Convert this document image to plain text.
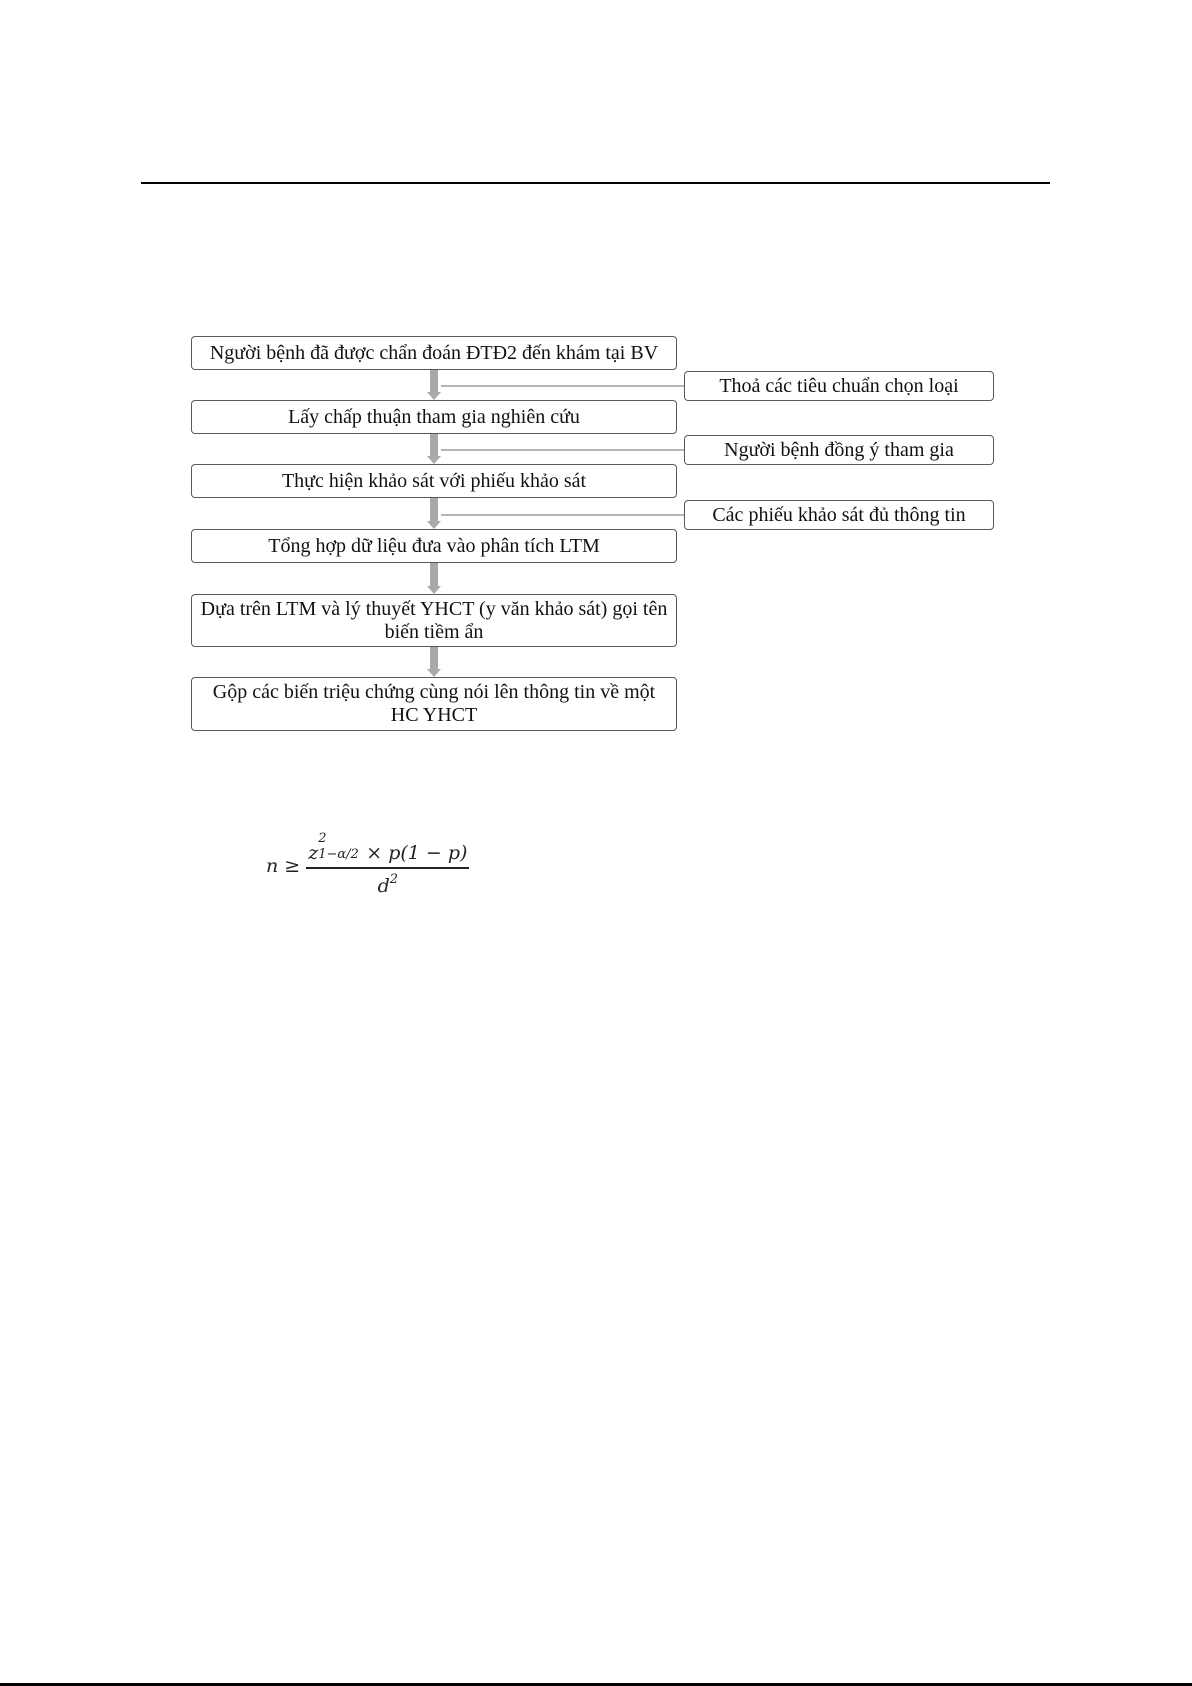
Người bệnh đã được chẩn đoán ĐTĐ2 đến khám tại BV
Lấy chấp thuận tham gia nghiên cứu
Thực hiện khảo sát với phiếu khảo sát
Tổng hợp dữ liệu đưa vào phân tích LTM
Dựa trên LTM và lý thuyết YHCT (y văn khảo sát) gọi tên biến tiềm ẩn
Gộp các biến triệu chứng cùng nói lên thông tin về một HC YHCT
Thoả các tiêu chuẩn chọn loại
Người bệnh đồng ý tham gia
Các phiếu khảo sát đủ thông tin
n ≥ z
2
1−α/2 × p(1 − p)
$d^2$
